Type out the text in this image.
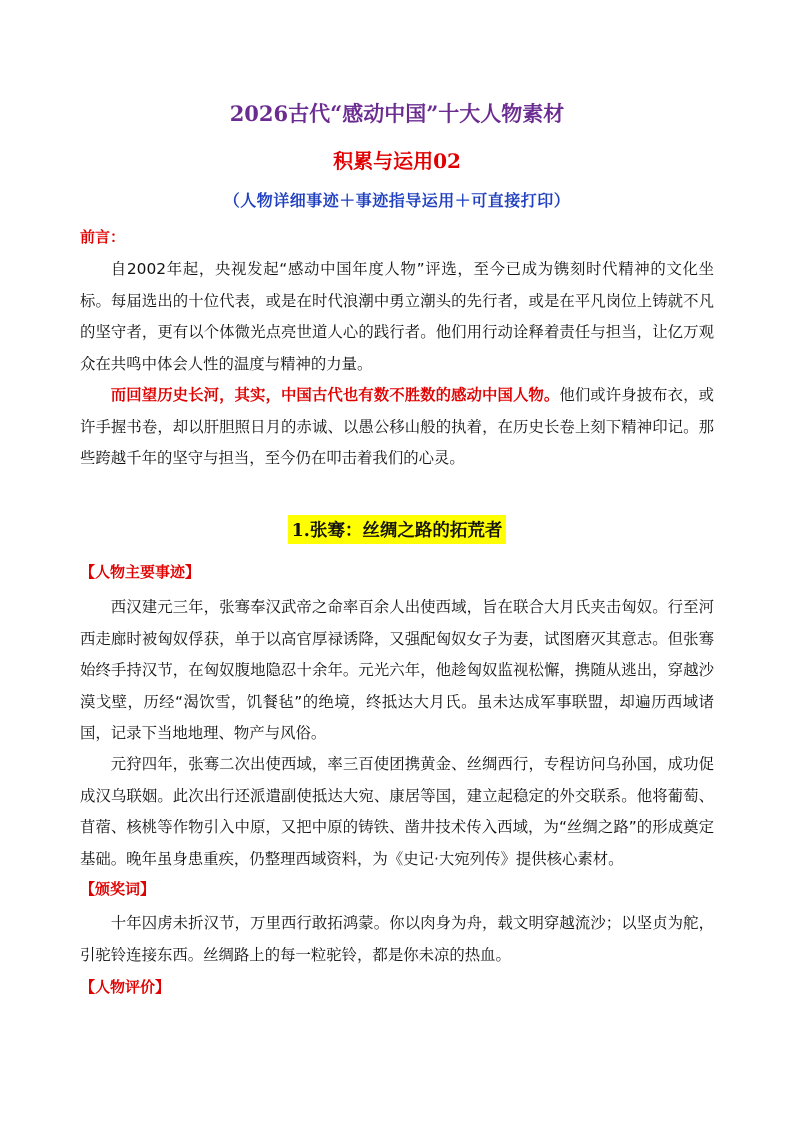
2026古代“感动中国”十大人物素材
积累与运用02
（人物详细事迹＋事迹指导运用＋可直接打印）
前言：

自2002年起，央视发起“感动中国年度人物”评选，至今已成为镌刻时代精神的文化坐标。每届选出的十位代表，或是在时代浪潮中勇立潮头的先行者，或是在平凡岗位上铸就不凡的坚守者，更有以个体微光点亮世道人心的践行者。他们用行动诠释着责任与担当，让亿万观众在共鸣中体会人性的温度与精神的力量。

而回望历史长河，其实，中国古代也有数不胜数的感动中国人物。他们或许身披布衣，或许手握书卷，却以肝胆照日月的赤诚、以愚公移山般的执着，在历史长卷上刻下精神印记。那些跨越千年的坚守与担当，至今仍在叩击着我们的心灵。

1.张骞：丝绸之路的拓荒者
【人物主要事迹】

西汉建元三年，张骞奉汉武帝之命率百余人出使西域，旨在联合大月氏夹击匈奴。行至河西走廊时被匈奴俘获，单于以高官厚禄诱降，又强配匈奴女子为妻，试图磨灭其意志。但张骞始终手持汉节，在匈奴腹地隐忍十余年。元光六年，他趁匈奴监视松懈，携随从逃出，穿越沙漠戈壁，历经“渴饮雪，饥餐毡”的绝境，终抵达大月氏。虽未达成军事联盟，却遍历西域诸国，记录下当地地理、物产与风俗。

元狩四年，张骞二次出使西域，率三百使团携黄金、丝绸西行，专程访问乌孙国，成功促成汉乌联姻。此次出行还派遣副使抵达大宛、康居等国，建立起稳定的外交联系。他将葡萄、苜蓿、核桃等作物引入中原，又把中原的铸铁、凿井技术传入西域，为“丝绸之路”的形成奠定基础。晚年虽身患重疾，仍整理西域资料，为《史记·大宛列传》提供核心素材。

【颁奖词】

十年囚虏未折汉节，万里西行敢拓鸿蒙。你以肉身为舟，载文明穿越流沙；以坚贞为舵，引驼铃连接东西。丝绸路上的每一粒驼铃，都是你未凉的热血。

【人物评价】
